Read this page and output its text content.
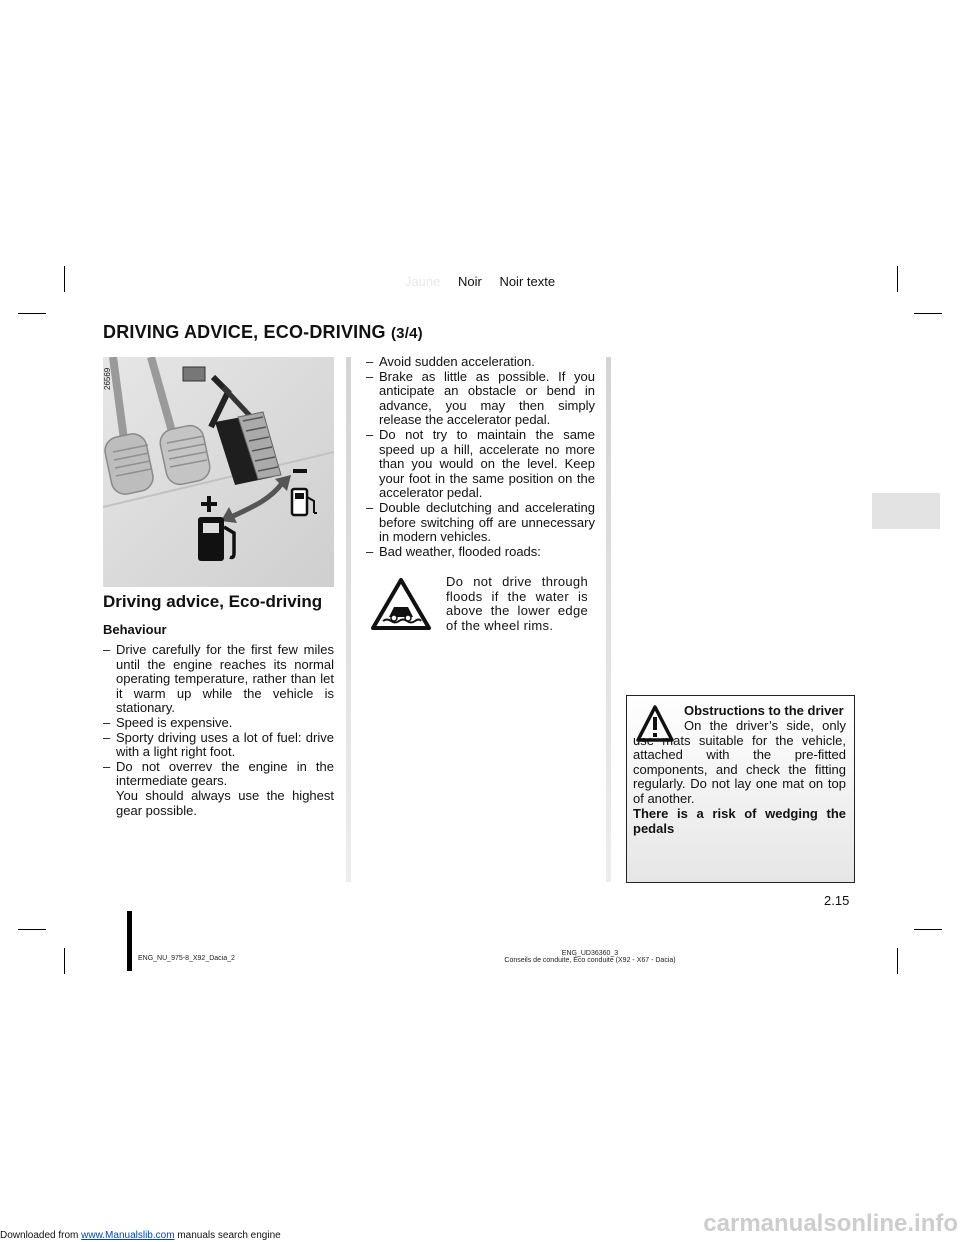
Jaune Noir Noir texte
DRIVING ADVICE, ECO-DRIVING (3/4)
26569
Driving advice, Eco-driving
Behaviour
– Drive carefully for the first few miles until the engine reaches its normal operating temperature, rather than let it warm up while the vehicle is stationary.
– Speed is expensive.
– Sporty driving uses a lot of fuel: drive with a light right foot.
– Do not overrev the engine in the intermediate gears.
You should always use the highest gear possible.
– Avoid sudden acceleration.
– Brake as little as possible. If you anticipate an obstacle or bend in advance, you may then simply release the accelerator pedal.
– Do not try to maintain the same speed up a hill, accelerate no more than you would on the level. Keep your foot in the same position on the accelerator pedal.
– Double declutching and accelerating before switching off are unnecessary in modern vehicles.
– Bad weather, flooded roads:
Do not drive through floods if the water is above the lower edge of the wheel rims.
Obstructions to the driver
On the driver’s side, only use mats suitable for the vehicle, attached with the pre-fitted components, and check the fitting regularly. Do not lay one mat on top of another.
There is a risk of wedging the pedals
2.15
ENG_NU_975-8_X92_Dacia_2
ENG_UD36360_3
Conseils de conduite, Éco conduite (X92 - X67 - Dacia)
Downloaded from www.Manualslib.com manuals search engine	carmanualsonline.info
